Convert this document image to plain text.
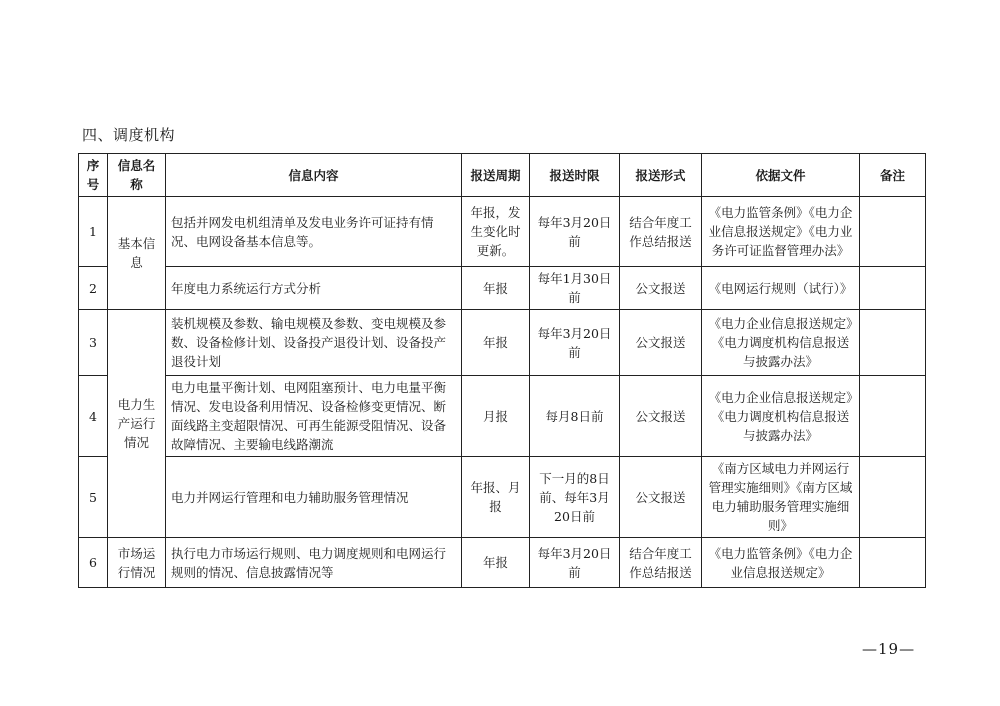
四、调度机构
序号	信息名称	信息内容	报送周期	报送时限	报送形式	依据文件	备注
1	基本信息	包括并网发电机组清单及发电业务许可证持有情况、电网设备基本信息等。	年报，发生变化时更新。	每年3月20日前	结合年度工作总结报送	《电力监管条例》《电力企业信息报送规定》《电力业务许可证监督管理办法》	
2		年度电力系统运行方式分析	年报	每年1月30日前	公文报送	《电网运行规则（试行）》	
3	电力生产运行情况	装机规模及参数、输电规模及参数、变电规模及参数、设备检修计划、设备投产退役计划、设备投产退役计划	年报	每年3月20日前	公文报送	《电力企业信息报送规定》《电力调度机构信息报送与披露办法》	
4		电力电量平衡计划、电网阻塞预计、电力电量平衡情况、发电设备利用情况、设备检修变更情况、断面线路主变超限情况、可再生能源受阻情况、设备故障情况、主要输电线路潮流	月报	每月8日前	公文报送	《电力企业信息报送规定》《电力调度机构信息报送与披露办法》	
5		电力并网运行管理和电力辅助服务管理情况	年报、月报	下一月的8日前、每年3月20日前	公文报送	《南方区域电力并网运行管理实施细则》《南方区域电力辅助服务管理实施细则》	
6	市场运行情况	执行电力市场运行规则、电力调度规则和电网运行规则的情况、信息披露情况等	年报	每年3月20日前	结合年度工作总结报送	《电力监管条例》《电力企业信息报送规定》	
—19—
